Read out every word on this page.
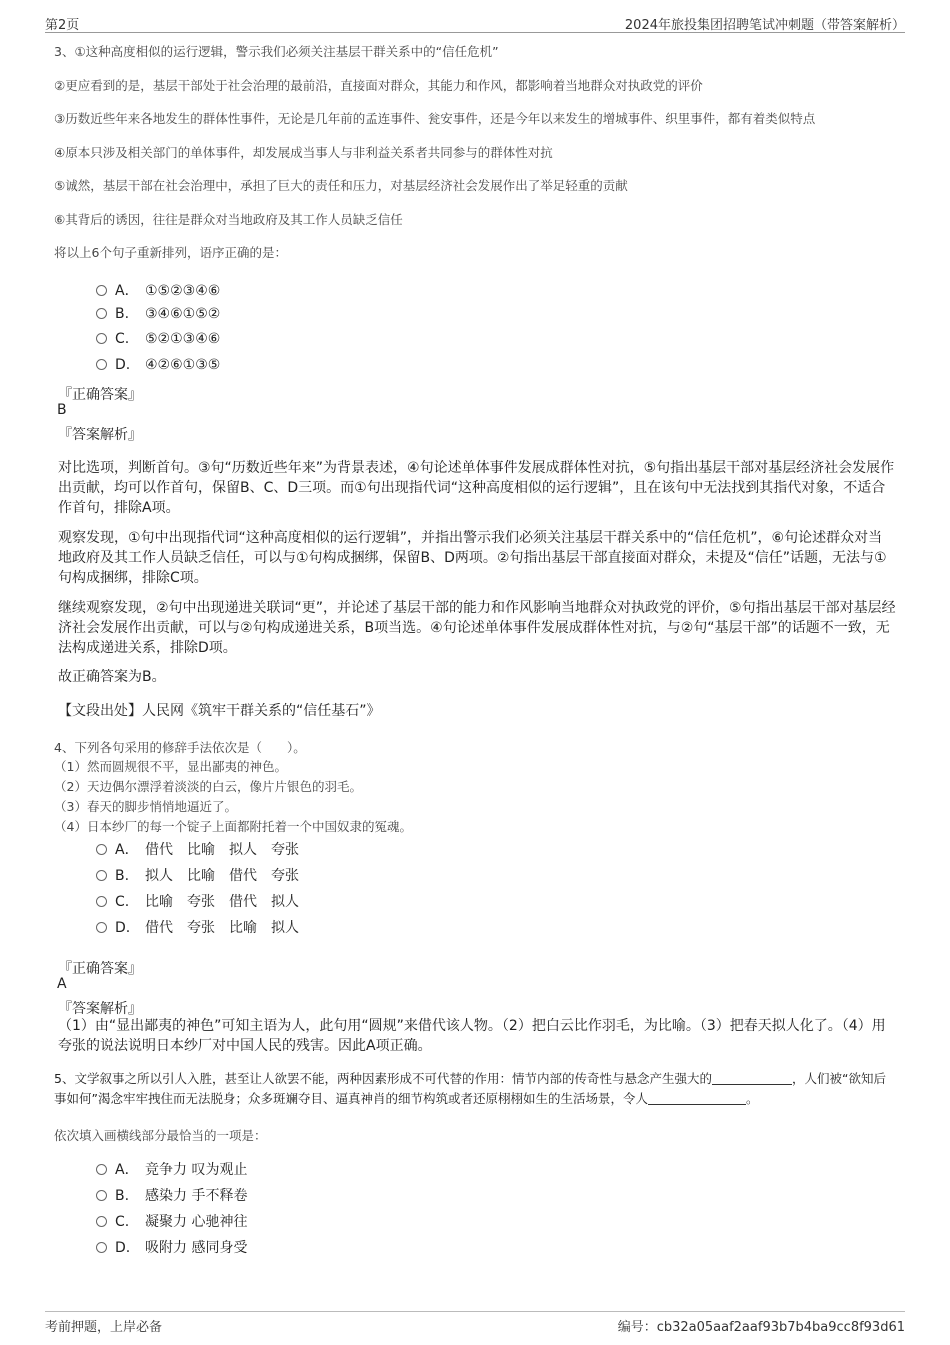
第2页	2024年旅投集团招聘笔试冲刺题（带答案解析）
3、①这种高度相似的运行逻辑，警示我们必须关注基层干群关系中的“信任危机”
②更应看到的是，基层干部处于社会治理的最前沿，直接面对群众，其能力和作风，都影响着当地群众对执政党的评价
③历数近些年来各地发生的群体性事件，无论是几年前的孟连事件、瓮安事件，还是今年以来发生的增城事件、织里事件，都有着类似特点
④原本只涉及相关部门的单体事件，却发展成当事人与非利益关系者共同参与的群体性对抗
⑤诚然，基层干部在社会治理中，承担了巨大的责任和压力，对基层经济社会发展作出了举足轻重的贡献
⑥其背后的诱因，往往是群众对当地政府及其工作人员缺乏信任
将以上6个句子重新排列，语序正确的是：
A． ①⑤②③④⑥
B. ③④⑥①⑤②
C. ⑤②①③④⑥
D. ④②⑥①③⑤
『正确答案』
B
『答案解析』
对比选项，判断首句。③句“历数近些年来”为背景表述，④句论述单体事件发展成群体性对抗，⑤句指出基层干部对基层经济社会发展作出贡献，均可以作首句，保留B、C、D三项。而①句出现指代词“这种高度相似的运行逻辑”，且在该句中无法找到其指代对象，不适合作首句，排除A项。
观察发现，①句中出现指代词“这种高度相似的运行逻辑”，并指出警示我们必须关注基层干群关系中的“信任危机”，⑥句论述群众对当地政府及其工作人员缺乏信任，可以与①句构成捆绑，保留B、D两项。②句指出基层干部直接面对群众，未提及“信任”话题，无法与①句构成捆绑，排除C项。
继续观察发现，②句中出现递进关联词“更”，并论述了基层干部的能力和作风影响当地群众对执政党的评价，⑤句指出基层干部对基层经济社会发展作出贡献，可以与②句构成递进关系，B项当选。④句论述单体事件发展成群体性对抗，与②句“基层干部”的话题不一致，无法构成递进关系，排除D项。
故正确答案为B。
【文段出处】人民网《筑牢干群关系的“信任基石”》
4、下列各句采用的修辞手法依次是（　　）。
（1）然而圆规很不平，显出鄙夷的神色。
（2）天边偶尔漂浮着淡淡的白云，像片片银色的羽毛。
（3）春天的脚步悄悄地逼近了。
（4）日本纱厂的每一个锭子上面都附托着一个中国奴隶的冤魂。
A． 借代　比喻　拟人　夸张
B. 拟人　比喻　借代　夸张
C. 比喻　夸张　借代　拟人
D. 借代　夸张　比喻　拟人
『正确答案』
A
『答案解析』
（1）由“显出鄙夷的神色”可知主语为人，此句用“圆规”来借代该人物。（2）把白云比作羽毛，为比喻。（3）把春天拟人化了。（4）用夸张的说法说明日本纱厂对中国人民的残害。因此A项正确。
5、文学叙事之所以引人入胜，甚至让人欲罢不能，两种因素形成不可代替的作用：情节内部的传奇性与悬念产生强大的	，人们被“欲知后事如何”渴念牢牢拽住而无法脱身；众多斑斓夺目、逼真神肖的细节构筑或者还原栩栩如生的生活场景，令人	。
依次填入画横线部分最恰当的一项是：
A． 竞争力 叹为观止
B. 感染力 手不释卷
C. 凝聚力 心驰神往
D. 吸附力 感同身受
考前押题，上岸必备	编号：cb32a05aaf2aaf93b7b4ba9cc8f93d61
